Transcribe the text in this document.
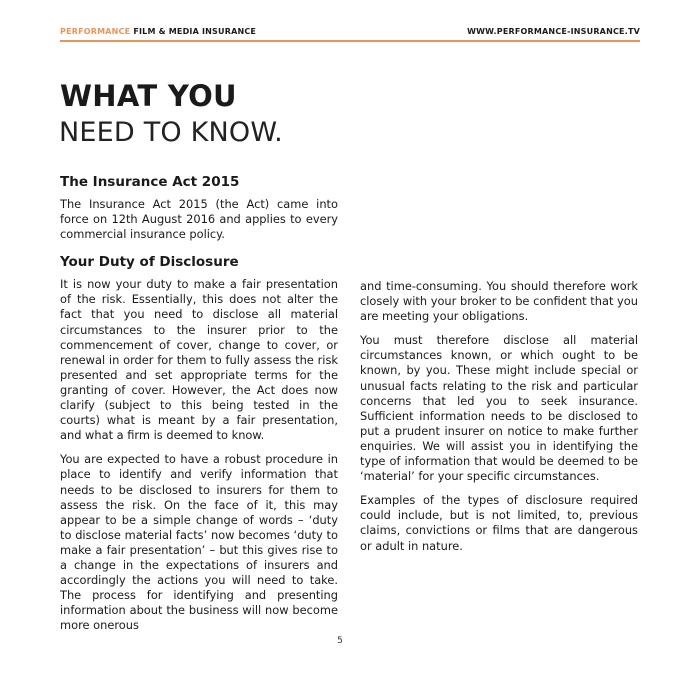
PERFORMANCE FILM & MEDIA INSURANCE	WWW.PERFORMANCE-INSURANCE.TV
WHAT YOU
NEED TO KNOW.
The Insurance Act 2015

The Insurance Act 2015 (the Act) came into force on 12th August 2016 and applies to every commercial insurance policy.

Your Duty of Disclosure

It is now your duty to make a fair presentation of the risk. Essentially, this does not alter the fact that you need to disclose all material circumstances to the insurer prior to the commencement of cover, change to cover, or renewal in order for them to fully assess the risk presented and set appropriate terms for the granting of cover. However, the Act does now clarify (subject to this being tested in the courts) what is meant by a fair presentation, and what a firm is deemed to know.

You are expected to have a robust procedure in place to identify and verify information that needs to be disclosed to insurers for them to assess the risk. On the face of it, this may appear to be a simple change of words – ‘duty to disclose material facts’ now becomes ‘duty to make a fair presentation’ – but this gives rise to a change in the expectations of insurers and accordingly the actions you will need to take. The process for identifying and presenting information about the business will now become more onerous

and time-consuming. You should therefore work closely with your broker to be confident that you are meeting your obligations.

You must therefore disclose all material circumstances known, or which ought to be known, by you. These might include special or unusual facts relating to the risk and particular concerns that led you to seek insurance. Sufficient information needs to be disclosed to put a prudent insurer on notice to make further enquiries. We will assist you in identifying the type of information that would be deemed to be ‘material’ for your specific circumstances.

Examples of the types of disclosure required could include, but is not limited, to, previous claims, convictions or films that are dangerous or adult in nature.

5
